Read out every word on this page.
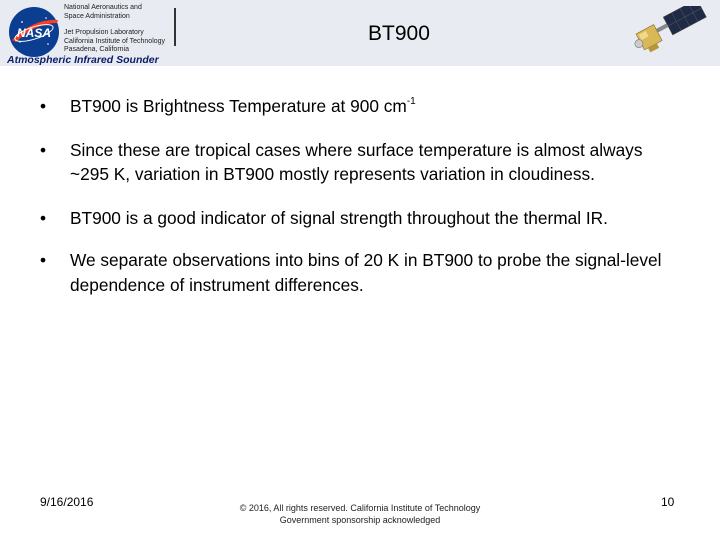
NASA
National Aeronautics and
Space Administration
Jet Propulsion Laboratory
California Institute of Technology
Pasadena, California
Atmospheric Infrared Sounder
BT900
• BT900 is Brightness Temperature at 900 $cm^{-1}$
• Since these are tropical cases where surface temperature is almost always ~295 K, variation in BT900 mostly represents variation in cloudiness.
• BT900 is a good indicator of signal strength throughout the thermal IR.
• We separate observations into bins of 20 K in BT900 to probe the signal-level dependence of instrument differences.
9/16/2016	© 2016, All rights reserved. California Institute of Technology
Government sponsorship acknowledged
10
